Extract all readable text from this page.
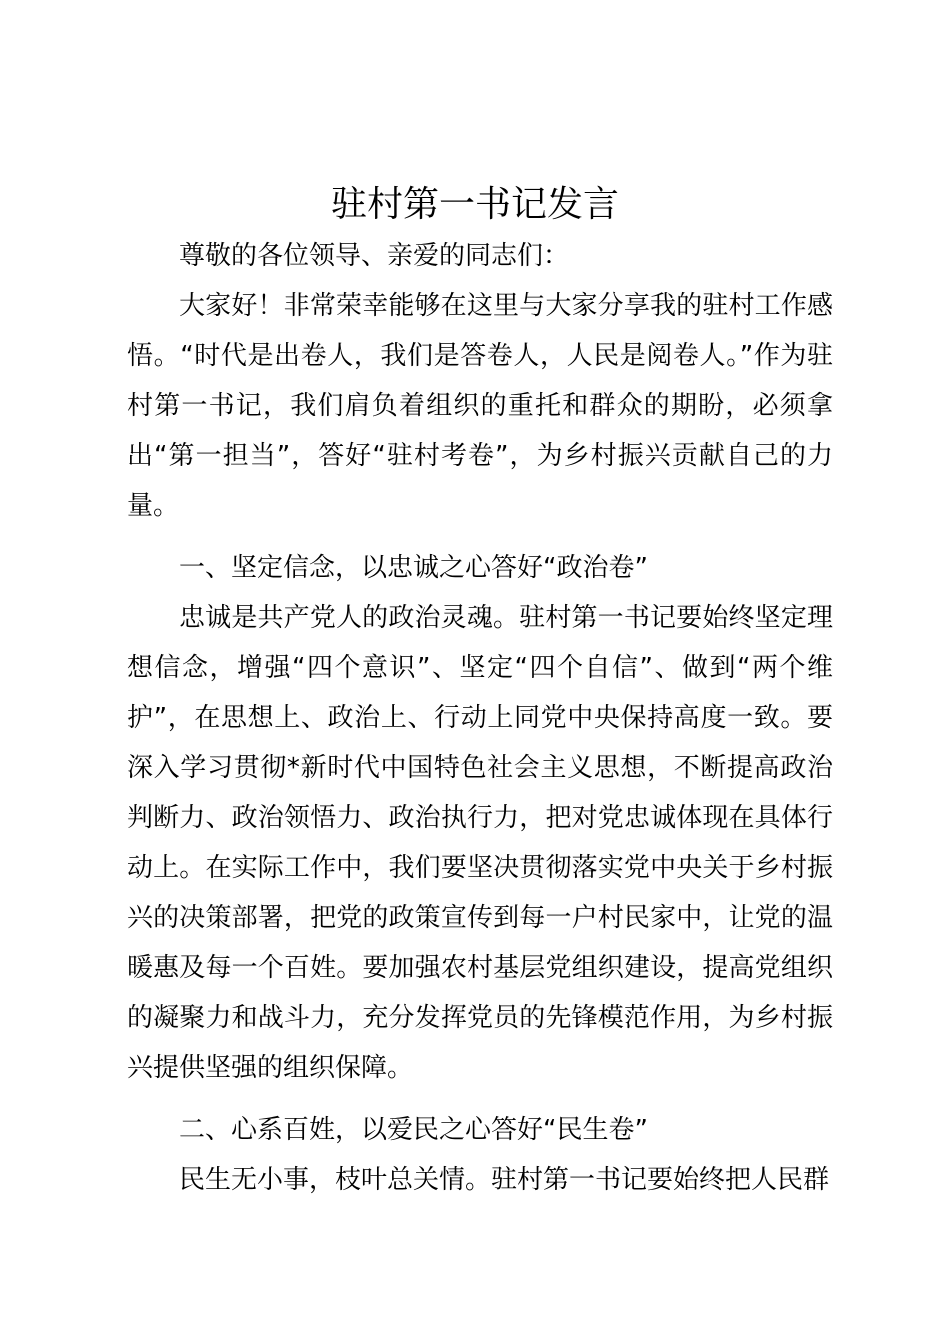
驻村第一书记发言

尊敬的各位领导、亲爱的同志们：

大家好！非常荣幸能够在这里与大家分享我的驻村工作感悟。“时代是出卷人，我们是答卷人，人民是阅卷人。”作为驻村第一书记，我们肩负着组织的重托和群众的期盼，必须拿出“第一担当”，答好“驻村考卷”，为乡村振兴贡献自己的力量。

一、坚定信念，以忠诚之心答好“政治卷”

忠诚是共产党人的政治灵魂。驻村第一书记要始终坚定理想信念，增强“四个意识”、坚定“四个自信”、做到“两个维护”，在思想上、政治上、行动上同党中央保持高度一致。要深入学习贯彻*新时代中国特色社会主义思想，不断提高政治判断力、政治领悟力、政治执行力，把对党忠诚体现在具体行动上。在实际工作中，我们要坚决贯彻落实党中央关于乡村振兴的决策部署，把党的政策宣传到每一户村民家中，让党的温暖惠及每一个百姓。要加强农村基层党组织建设，提高党组织的凝聚力和战斗力，充分发挥党员的先锋模范作用，为乡村振兴提供坚强的组织保障。

二、心系百姓，以爱民之心答好“民生卷”

民生无小事，枝叶总关情。驻村第一书记要始终把人民群
